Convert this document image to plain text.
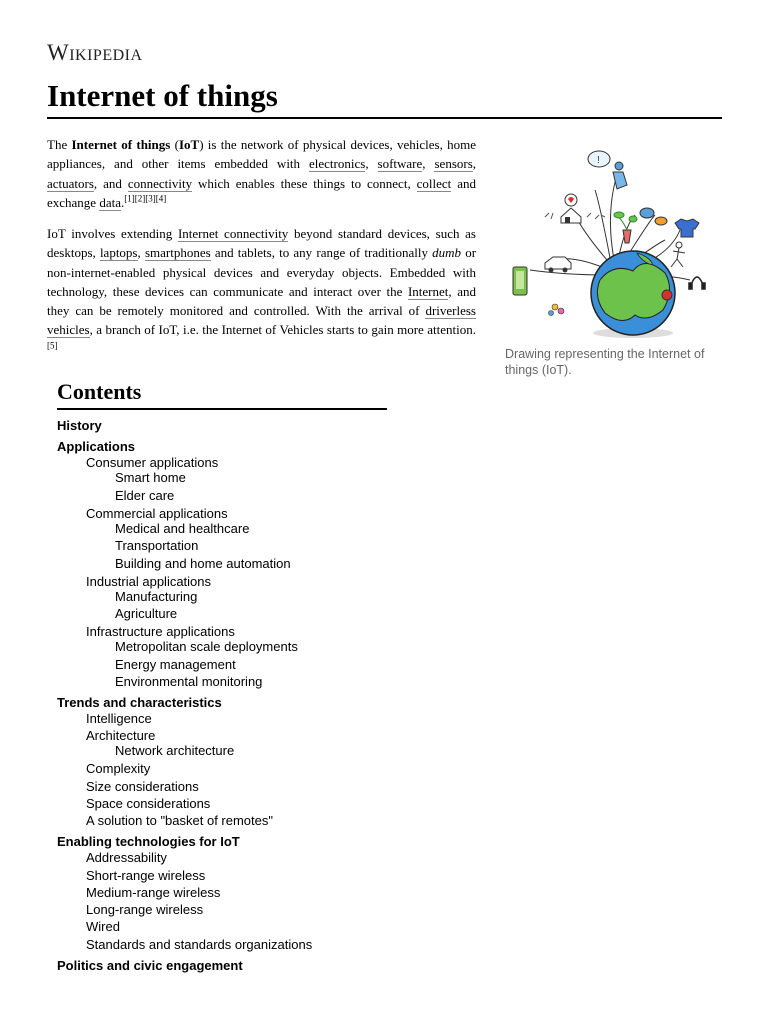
Wikipedia
Internet of things

The Internet of things (IoT) is the network of physical devices, vehicles, home appliances, and other items embedded with electronics, software, sensors, actuators, and connectivity which enables these things to connect, collect and exchange data.[1][2][3][4]

IoT involves extending Internet connectivity beyond standard devices, such as desktops, laptops, smartphones and tablets, to any range of traditionally dumb or non-internet-enabled physical devices and everyday objects. Embedded with technology, these devices can communicate and interact over the Internet, and they can be remotely monitored and controlled. With the arrival of driverless vehicles, a branch of IoT, i.e. the Internet of Vehicles starts to gain more attention.[5]

!
Drawing representing the Internet of things (IoT).
Contents
History
Applications
Consumer applications
Smart home
Elder care
Commercial applications
Medical and healthcare
Transportation
Building and home automation
Industrial applications
Manufacturing
Agriculture
Infrastructure applications
Metropolitan scale deployments
Energy management
Environmental monitoring
Trends and characteristics
Intelligence
Architecture
Network architecture
Complexity
Size considerations
Space considerations
A solution to "basket of remotes"
Enabling technologies for IoT
Addressability
Short-range wireless
Medium-range wireless
Long-range wireless
Wired
Standards and standards organizations
Politics and civic engagement
